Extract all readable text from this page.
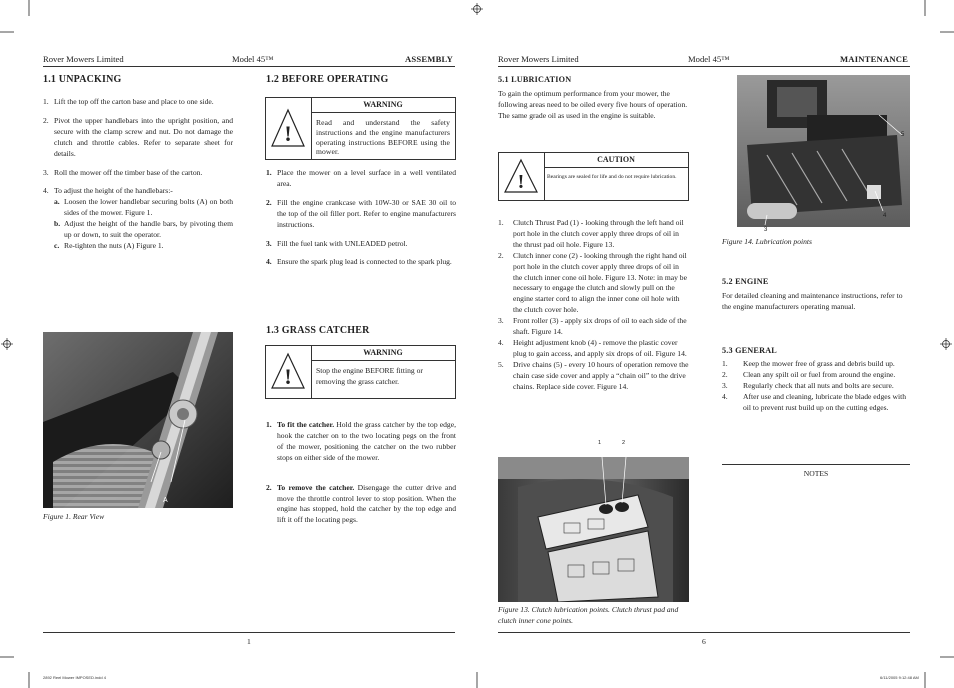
Rover Mowers Limited	Model 45™	ASSEMBLY
1.1 UNPACKING
1. Lift the top off the carton base and place to one side.
2. Pivot the upper handlebars into the upright position, and secure with the clamp screw and nut. Do not damage the clutch and throttle cables. Refer to separate sheet for details.
3. Roll the mower off the timber base of the carton.
4. To adjust the height of the handlebars:-
a. Loosen the lower handlebar securing bolts (A) on both sides of the mower. Figure 1.
b. Adjust the height of the handle bars, by pivoting them up or down, to suit the operator.
c. Re-tighten the nuts (A) Figure 1.
A
Figure 1. Rear View
1.2 BEFORE OPERATING
!
WARNING
Read and understand the safety instructions and the engine manufacturers operating instructions BEFORE using the mower.
1. Place the mower on a level surface in a well ventilated area.
2. Fill the engine crankcase with 10W-30 or SAE 30 oil to the top of the oil filler port. Refer to engine manufacturers instructions.
3. Fill the fuel tank with UNLEADED petrol.
4. Ensure the spark plug lead is connected to the spark plug.
1.3 GRASS CATCHER
!
WARNING
Stop the engine BEFORE fitting or removing the grass catcher.
1. To fit the catcher. Hold the grass catcher by the top edge, hook the catcher on to the two locating pegs on the front of the mower, positioning the catcher on the two rubber stops on either side of the mower.
2. To remove the catcher. Disengage the cutter drive and move the throttle control lever to stop position. When the engine has stopped, hold the catcher by the top edge and lift it off the locating pegs.
1
Rover Mowers Limited	Model 45™	MAINTENANCE
5.1 LUBRICATION
To gain the optimum performance from your mower, the following areas need to be oiled every five hours of operation. The same grade oil as used in the engine is suitable.
!
CAUTION
Bearings are sealed for life and do not require lubrication.
1. Clutch Thrust Pad (1) - looking through the left hand oil port hole in the clutch cover apply three drops of oil in the thrust pad oil hole. Figure 13.
2. Clutch inner cone (2) - looking through the right hand oil port hole in the clutch cover apply three drops of oil in the clutch inner cone oil hole. Figure 13. Note: in may be necessary to engage the clutch and slowly pull on the engine starter cord to align the inner cone oil hole with the clutch cover hole.
3. Front roller (3) - apply six drops of oil to each side of the shaft. Figure 14.
4. Height adjustment knob (4) - remove the plastic cover plug to gain access, and apply six drops of oil. Figure 14.
5. Drive chains (5) - every 10 hours of operation remove the chain case side cover and apply a “chain oil” to the drive chains. Replace side cover. Figure 14.
1	2
Figure 13. Clutch lubrication points. Clutch thrust pad and clutch inner cone points.
5
4
3
Figure 14. Lubrication points
5.2 ENGINE
For detailed cleaning and maintenance instructions, refer to the engine manufacturers operating manual.
5.3 GENERAL
1. Keep the mower free of grass and debris build up.
2. Clean any spilt oil or fuel from around the engine.
3. Regularly check that all nuts and bolts are secure.
4. After use and cleaning, lubricate the blade edges with oil to prevent rust build up on the cutting edges.
NOTES
6
2892 Reel Mower IMPOSED.indd 4	6/11/2005 9:12:48 AM
